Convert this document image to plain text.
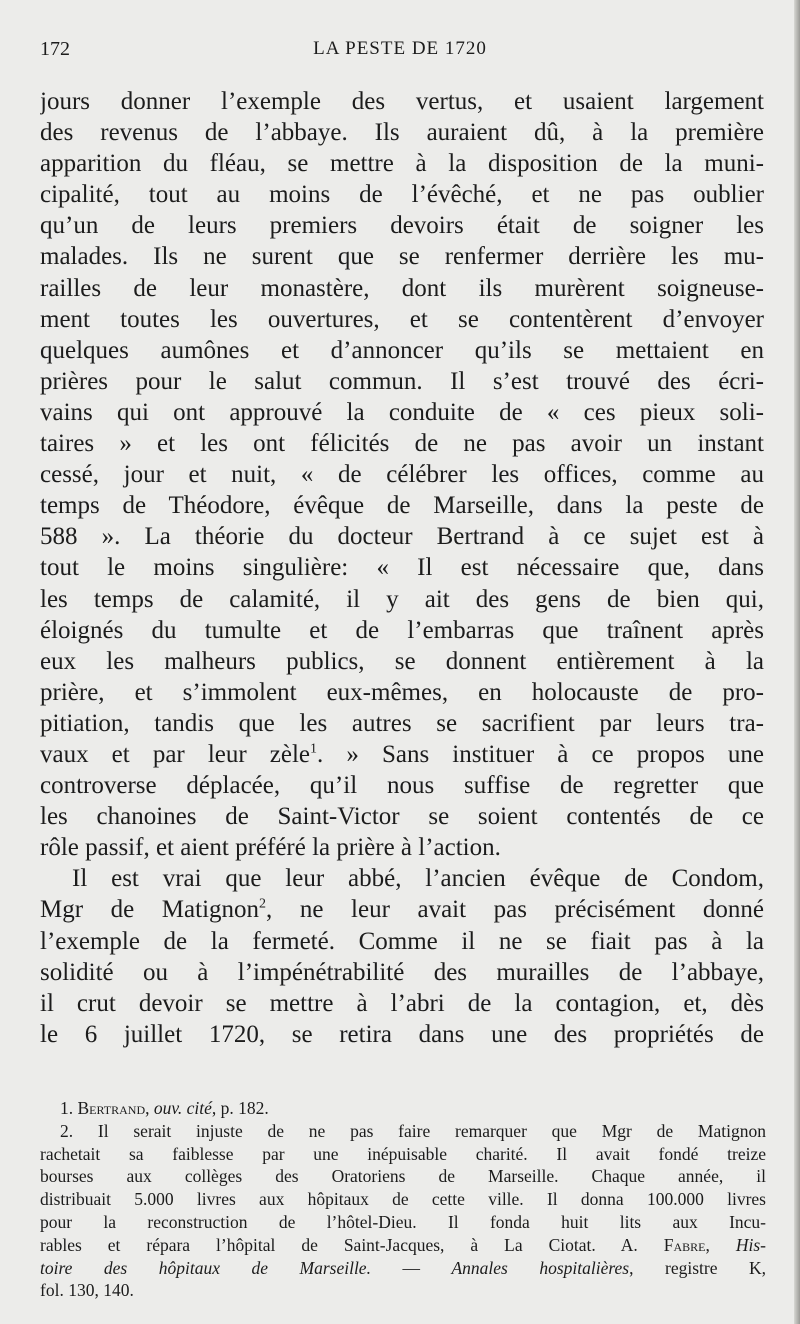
172	LA PESTE DE 1720
jours donner l’exemple des vertus, et usaient largement
des revenus de l’abbaye. Ils auraient dû, à la première
apparition du fléau, se mettre à la disposition de la muni-
cipalité, tout au moins de l’évêché, et ne pas oublier
qu’un de leurs premiers devoirs était de soigner les
malades. Ils ne surent que se renfermer derrière les mu-
railles de leur monastère, dont ils murèrent soigneuse-
ment toutes les ouvertures, et se contentèrent d’envoyer
quelques aumônes et d’annoncer qu’ils se mettaient en
prières pour le salut commun. Il s’est trouvé des écri-
vains qui ont approuvé la conduite de « ces pieux soli-
taires » et les ont félicités de ne pas avoir un instant
cessé, jour et nuit, « de célébrer les offices, comme au
temps de Théodore, évêque de Marseille, dans la peste de
588 ». La théorie du docteur Bertrand à ce sujet est à
tout le moins singulière: « Il est nécessaire que, dans
les temps de calamité, il y ait des gens de bien qui,
éloignés du tumulte et de l’embarras que traînent après
eux les malheurs publics, se donnent entièrement à la
prière, et s’immolent eux-mêmes, en holocauste de pro-
pitiation, tandis que les autres se sacrifient par leurs tra-
vaux et par leur zèle$^1$. » Sans instituer à ce propos une
controverse déplacée, qu’il nous suffise de regretter que
les chanoines de Saint-Victor se soient contentés de ce
rôle passif, et aient préféré la prière à l’action.
Il est vrai que leur abbé, l’ancien évêque de Condom,
Mgr de Matignon$^2$, ne leur avait pas précisément donné
l’exemple de la fermeté. Comme il ne se fiait pas à la
solidité ou à l’impénétrabilité des murailles de l’abbaye,
il crut devoir se mettre à l’abri de la contagion, et, dès
le 6 juillet 1720, se retira dans une des propriétés de
1. Bertrand, ouv. cité, p. 182.
2. Il serait injuste de ne pas faire remarquer que Mgr de Matignon
rachetait sa faiblesse par une inépuisable charité. Il avait fondé treize
bourses aux collèges des Oratoriens de Marseille. Chaque année, il
distribuait 5.000 livres aux hôpitaux de cette ville. Il donna 100.000 livres
pour la reconstruction de l’hôtel-Dieu. Il fonda huit lits aux Incu-
rables et répara l’hôpital de Saint-Jacques, à La Ciotat. A. Fabre, His-
toire des hôpitaux de Marseille. — Annales hospitalières, registre K,
fol. 130, 140.
